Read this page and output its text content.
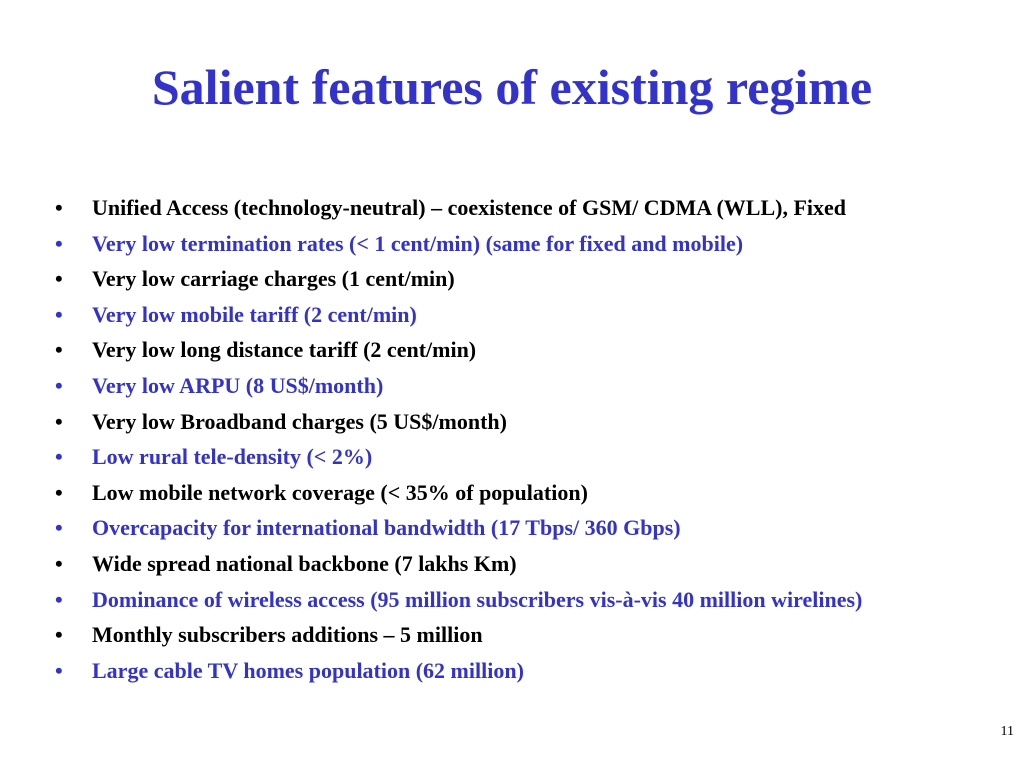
Salient features of existing regime
• Unified Access (technology-neutral) – coexistence of GSM/ CDMA (WLL), Fixed
• Very low termination rates (< 1 cent/min) (same for fixed and mobile)
• Very low carriage charges (1 cent/min)
• Very low mobile tariff (2 cent/min)
• Very low long distance tariff (2 cent/min)
• Very low ARPU (8 US$/month)
• Very low Broadband charges (5 US$/month)
• Low rural tele-density (< 2%)
• Low mobile network coverage (< 35% of population)
• Overcapacity for international bandwidth (17 Tbps/ 360 Gbps)
• Wide spread national backbone (7 lakhs Km)
• Dominance of wireless access (95 million subscribers vis-à-vis 40 million wirelines)
• Monthly subscribers additions – 5 million
• Large cable TV homes population (62 million)
11
